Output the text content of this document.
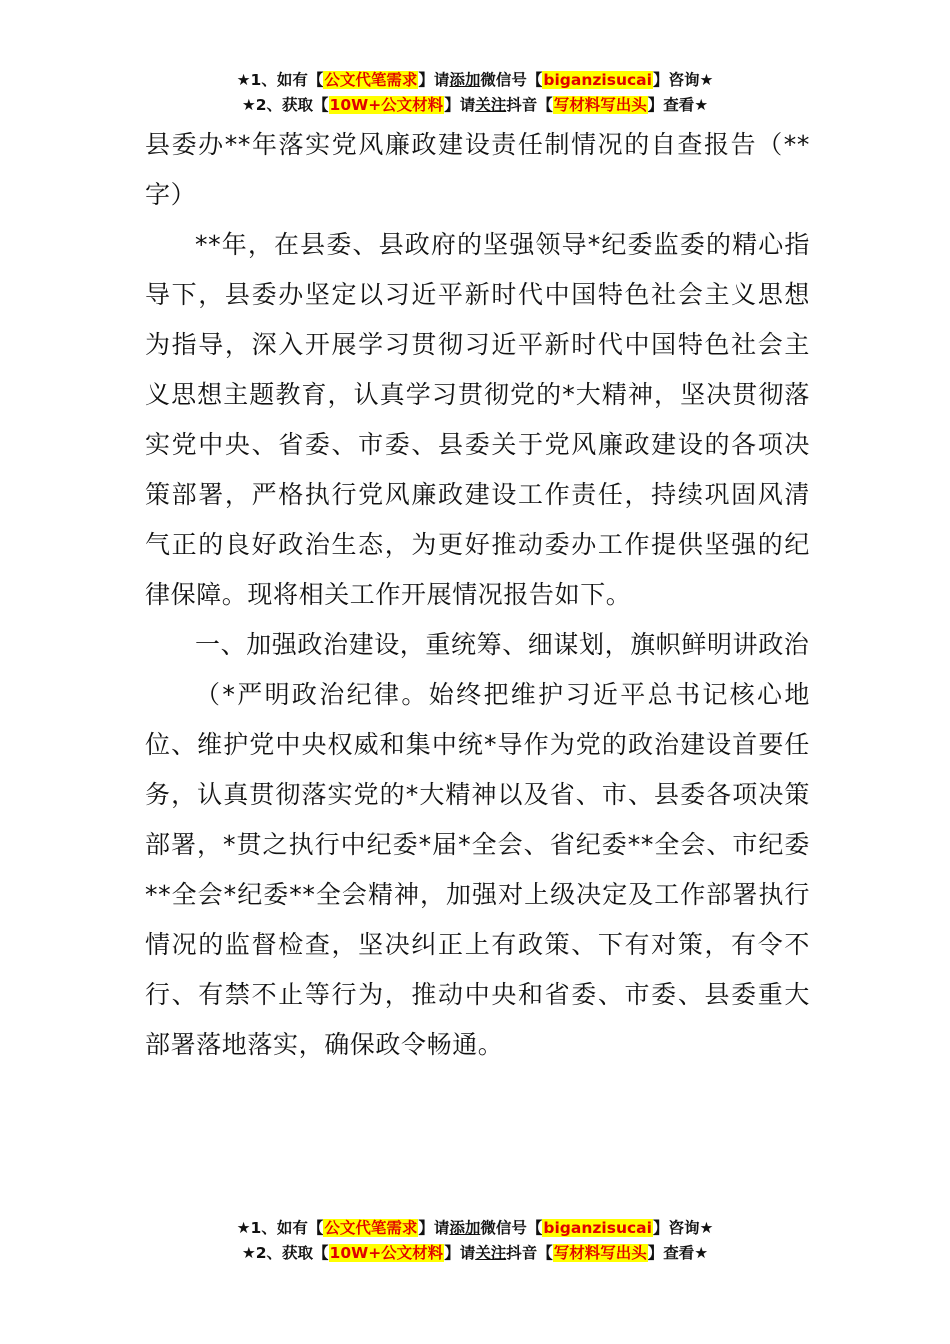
★1、如有【公文代笔需求】请添加微信号【biganzisucai】咨询★
★2、获取【10W+公文材料】请关注抖音【写材料写出头】查看★

县委办**年落实党风廉政建设责任制情况的自查报告（**字）

**年，在县委、县政府的坚强领导*纪委监委的精心指导下，县委办坚定以习近平新时代中国特色社会主义思想为指导，深入开展学习贯彻习近平新时代中国特色社会主义思想主题教育，认真学习贯彻党的*大精神，坚决贯彻落实党中央、省委、市委、县委关于党风廉政建设的各项决策部署，严格执行党风廉政建设工作责任，持续巩固风清气正的良好政治生态，为更好推动委办工作提供坚强的纪律保障。现将相关工作开展情况报告如下。

一、加强政治建设，重统筹、细谋划，旗帜鲜明讲政治

（*严明政治纪律。始终把维护习近平总书记核心地位、维护党中央权威和集中统*导作为党的政治建设首要任务，认真贯彻落实党的*大精神以及省、市、县委各项决策部署，*贯之执行中纪委*届*全会、省纪委**全会、市纪委**全会*纪委**全会精神，加强对上级决定及工作部署执行情况的监督检查，坚决纠正上有政策、下有对策，有令不行、有禁不止等行为，推动中央和省委、市委、县委重大部署落地落实，确保政令畅通。

★1、如有【公文代笔需求】请添加微信号【biganzisucai】咨询★
★2、获取【10W+公文材料】请关注抖音【写材料写出头】查看★
